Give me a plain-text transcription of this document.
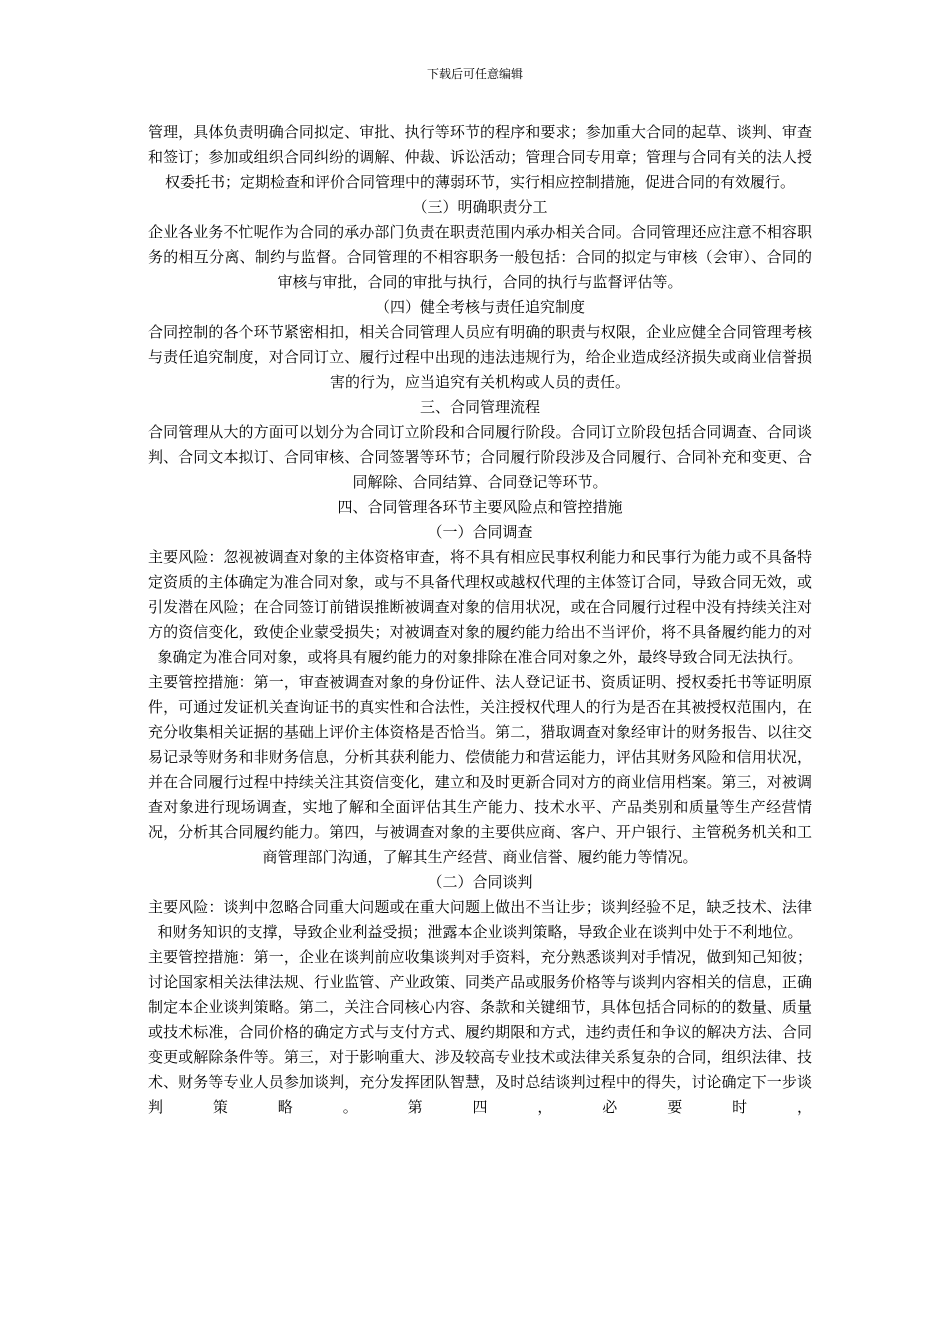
下载后可任意编辑

管理，具体负责明确合同拟定、审批、执行等环节的程序和要求；参加重大合同的起草、谈判、审查和签订；参加或组织合同纠纷的调解、仲裁、诉讼活动；管理合同专用章；管理与合同有关的法人授权委托书；定期检查和评价合同管理中的薄弱环节，实行相应控制措施，促进合同的有效履行。

（三）明确职责分工

企业各业务不忙呢作为合同的承办部门负责在职责范围内承办相关合同。合同管理还应注意不相容职务的相互分离、制约与监督。合同管理的不相容职务一般包括：合同的拟定与审核（会审）、合同的审核与审批，合同的审批与执行，合同的执行与监督评估等。

（四）健全考核与责任追究制度

合同控制的各个环节紧密相扣，相关合同管理人员应有明确的职责与权限，企业应健全合同管理考核与责任追究制度，对合同订立、履行过程中出现的违法违规行为，给企业造成经济损失或商业信誉损害的行为，应当追究有关机构或人员的责任。

三、合同管理流程

合同管理从大的方面可以划分为合同订立阶段和合同履行阶段。合同订立阶段包括合同调查、合同谈判、合同文本拟订、合同审核、合同签署等环节；合同履行阶段涉及合同履行、合同补充和变更、合同解除、合同结算、合同登记等环节。

四、合同管理各环节主要风险点和管控措施

（一）合同调查

主要风险：忽视被调查对象的主体资格审查，将不具有相应民事权利能力和民事行为能力或不具备特定资质的主体确定为准合同对象，或与不具备代理权或越权代理的主体签订合同，导致合同无效，或引发潜在风险；在合同签订前错误推断被调查对象的信用状况，或在合同履行过程中没有持续关注对方的资信变化，致使企业蒙受损失；对被调查对象的履约能力给出不当评价，将不具备履约能力的对象确定为准合同对象，或将具有履约能力的对象排除在准合同对象之外，最终导致合同无法执行。

主要管控措施：第一，审查被调查对象的身份证件、法人登记证书、资质证明、授权委托书等证明原件，可通过发证机关查询证书的真实性和合法性，关注授权代理人的行为是否在其被授权范围内，在充分收集相关证据的基础上评价主体资格是否恰当。第二，猎取调查对象经审计的财务报告、以往交易记录等财务和非财务信息，分析其获利能力、偿债能力和营运能力，评估其财务风险和信用状况，并在合同履行过程中持续关注其资信变化，建立和及时更新合同对方的商业信用档案。第三，对被调查对象进行现场调查，实地了解和全面评估其生产能力、技术水平、产品类别和质量等生产经营情况，分析其合同履约能力。第四，与被调查对象的主要供应商、客户、开户银行、主管税务机关和工商管理部门沟通，了解其生产经营、商业信誉、履约能力等情况。

（二）合同谈判

主要风险：谈判中忽略合同重大问题或在重大问题上做出不当让步；谈判经验不足，缺乏技术、法律和财务知识的支撑，导致企业利益受损；泄露本企业谈判策略，导致企业在谈判中处于不利地位。

主要管控措施：第一，企业在谈判前应收集谈判对手资料，充分熟悉谈判对手情况，做到知己知彼；讨论国家相关法律法规、行业监管、产业政策、同类产品或服务价格等与谈判内容相关的信息，正确制定本企业谈判策略。第二，关注合同核心内容、条款和关键细节，具体包括合同标的的数量、质量或技术标准，合同价格的确定方式与支付方式、履约期限和方式，违约责任和争议的解决方法、合同变更或解除条件等。第三，对于影响重大、涉及较高专业技术或法律关系复杂的合同，组织法律、技术、财务等专业人员参加谈判，充分发挥团队智慧，及时总结谈判过程中的得失，讨论确定下一步谈判策略。第四，必要时，
